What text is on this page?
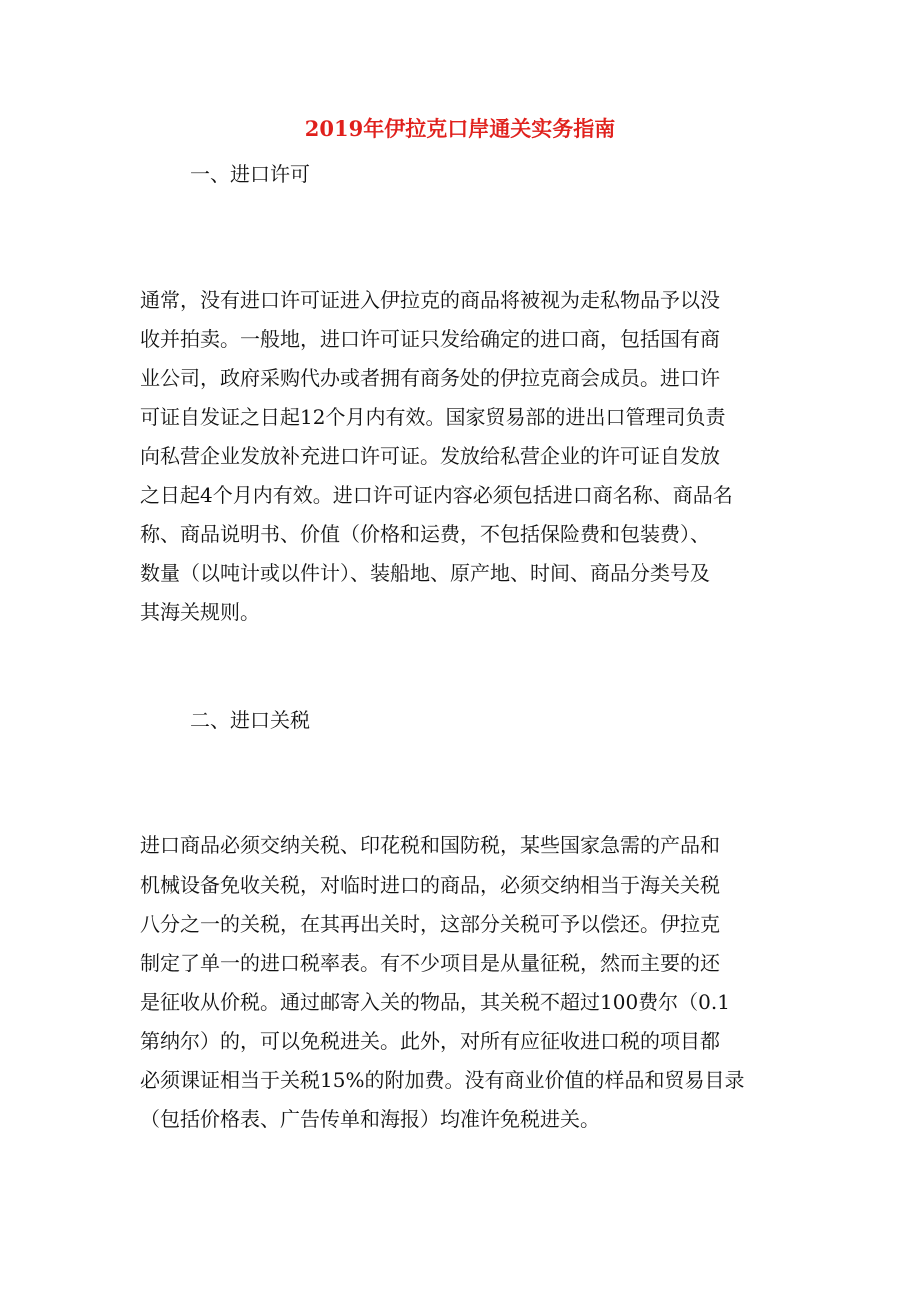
2019年伊拉克口岸通关实务指南
一、进口许可
通常，没有进口许可证进入伊拉克的商品将被视为走私物品予以没
收并拍卖。一般地，进口许可证只发给确定的进口商，包括国有商
业公司，政府采购代办或者拥有商务处的伊拉克商会成员。进口许
可证自发证之日起12个月内有效。国家贸易部的进出口管理司负责
向私营企业发放补充进口许可证。发放给私营企业的许可证自发放
之日起4个月内有效。进口许可证内容必须包括进口商名称、商品名
称、商品说明书、价值（价格和运费，不包括保险费和包装费）、
数量（以吨计或以件计）、装船地、原产地、时间、商品分类号及
其海关规则。
二、进口关税
进口商品必须交纳关税、印花税和国防税，某些国家急需的产品和
机械设备免收关税，对临时进口的商品，必须交纳相当于海关关税
八分之一的关税，在其再出关时，这部分关税可予以偿还。伊拉克
制定了单一的进口税率表。有不少项目是从量征税，然而主要的还
是征收从价税。通过邮寄入关的物品，其关税不超过100费尔（0.1
第纳尔）的，可以免税进关。此外，对所有应征收进口税的项目都
必须课证相当于关税15%的附加费。没有商业价值的样品和贸易目录
（包括价格表、广告传单和海报）均准许免税进关。
